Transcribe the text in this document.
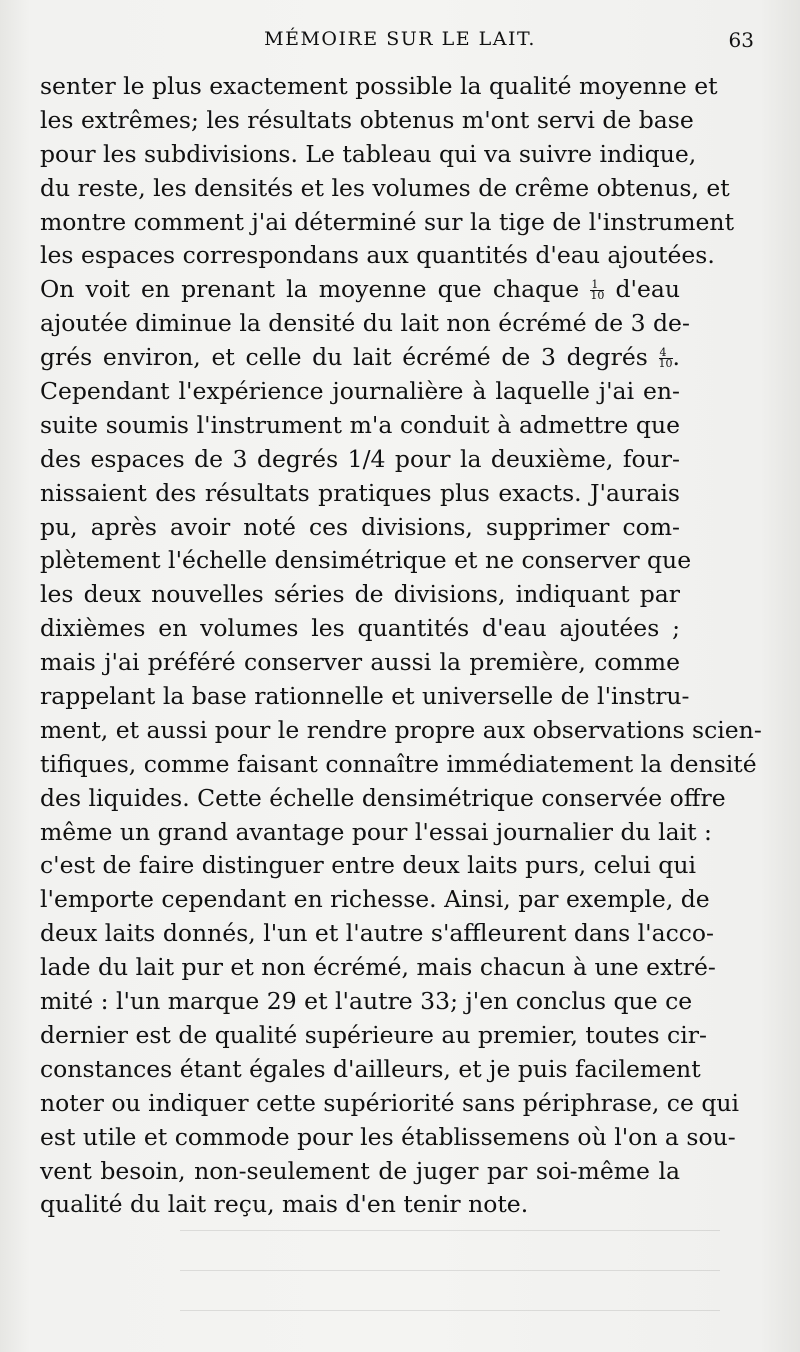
MÉMOIRE SUR LE LAIT.	63
senter le plus exactement possible la qualité moyenne et
les extrêmes; les résultats obtenus m'ont servi de base
pour les subdivisions. Le tableau qui va suivre indique,
du reste, les densités et les volumes de crême obtenus, et
montre comment j'ai déterminé sur la tige de l'instrument
les espaces correspondans aux quantités d'eau ajoutées.
On voit en prenant la moyenne que chaque $\frac{1}{10} d'eau$
ajoutée diminue la densité du lait non écrémé de 3 de-
grés environ, et celle du lait écrémé de 3 degrés $\frac{4}{10}$ .
Cependant l'expérience journalière à laquelle j'ai en-
suite soumis l'instrument m'a conduit à admettre que
des espaces de 3 degrés 1/4 pour la deuxième, four-
nissaient des résultats pratiques plus exacts. J'aurais
pu, après avoir noté ces divisions, supprimer com-
plètement l'échelle densimétrique et ne conserver que
les deux nouvelles séries de divisions, indiquant par
dixièmes en volumes les quantités d'eau ajoutées ;
mais j'ai préféré conserver aussi la première, comme
rappelant la base rationnelle et universelle de l'instru-
ment, et aussi pour le rendre propre aux observations scien-
tifiques, comme faisant connaître immédiatement la densité
des liquides. Cette échelle densimétrique conservée offre
même un grand avantage pour l'essai journalier du lait :
c'est de faire distinguer entre deux laits purs, celui qui
l'emporte cependant en richesse. Ainsi, par exemple, de
deux laits donnés, l'un et l'autre s'affleurent dans l'acco-
lade du lait pur et non écrémé, mais chacun à une extré-
mité : l'un marque 29 et l'autre 33; j'en conclus que ce
dernier est de qualité supérieure au premier, toutes cir-
constances étant égales d'ailleurs, et je puis facilement
noter ou indiquer cette supériorité sans périphrase, ce qui
est utile et commode pour les établissemens où l'on a sou-
vent besoin, non-seulement de juger par soi-même la
qualité du lait reçu, mais d'en tenir note.
